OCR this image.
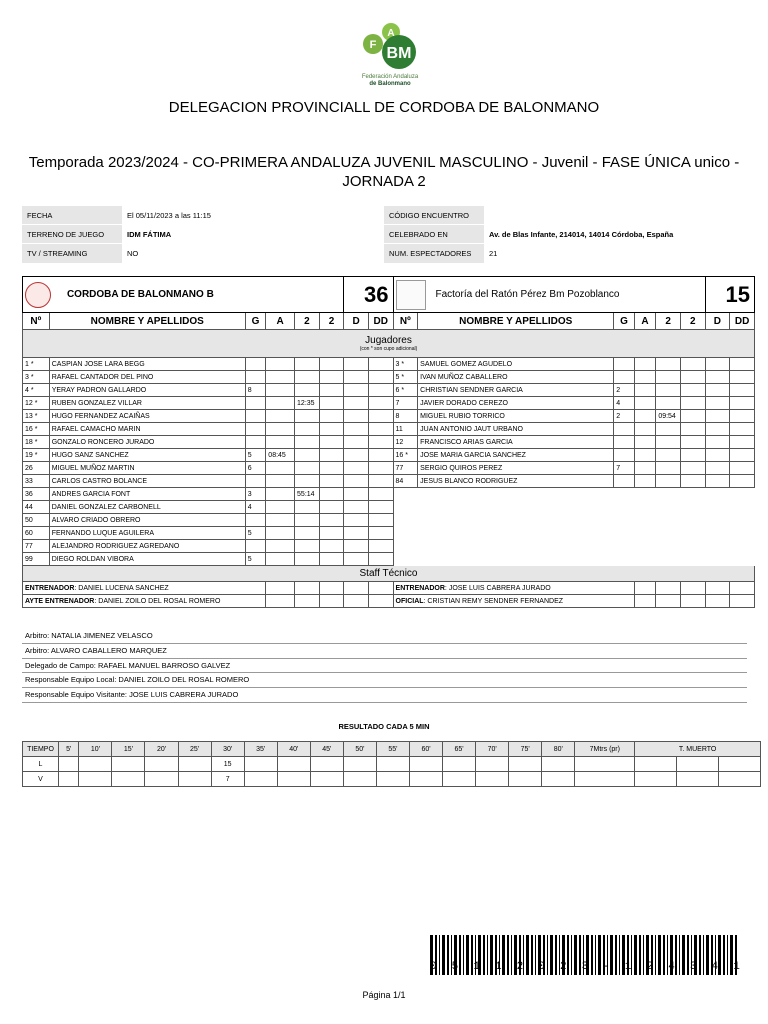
F
A
BM
Federación Andaluza
de Balonmano
DELEGACION PROVINCIALL DE CORDOBA DE BALONMANO
Temporada 2023/2024 - CO-PRIMERA ANDALUZA JUVENIL MASCULINO - Juvenil - FASE ÚNICA unico - JORNADA 2
FECHA	El 05/11/2023 a las 11:15	CÓDIGO ENCUENTRO	
TERRENO DE JUEGO	IDM FÁTIMA	CELEBRADO EN	Av. de Blas Infante, 214014, 14014 Córdoba, España
TV / STREAMING	NO	NUM. ESPECTADORES	21
CORDOBA DE BALONMANO B						36		Factoría del Ratón Pérez Bm Pozoblanco						15	
Nº	NOMBRE Y APELLIDOS	G	A	2	2	D	DD	Nº	NOMBRE Y APELLIDOS	G	A	2	2	D	DD
Jugadores
(con * son cupo adicional)															

1 *	CASPIAN JOSE LARA BEGG							3 *	SAMUEL GOMEZ AGUDELO						
3 *	RAFAEL CANTADOR DEL PINO							5 *	IVAN MUÑOZ CABALLERO						
4 *	YERAY PADRON GALLARDO	8						6 *	CHRISTIAN SENDNER GARCIA	2					
12 *	RUBEN GONZALEZ VILLAR			12:35				7	JAVIER DORADO CEREZO	4					
13 *	HUGO FERNANDEZ ACAIÑAS							8	MIGUEL RUBIO TORRICO	2		09:54			
16 *	RAFAEL CAMACHO MARIN							11	JUAN ANTONIO JAUT URBANO						
18 *	GONZALO RONCERO JURADO							12	FRANCISCO ARIAS GARCIA						
19 *	HUGO SANZ SANCHEZ	5	08:45					16 *	JOSE MARIA GARCIA SANCHEZ						
26	MIGUEL MUÑOZ MARTIN	6						77	SERGIO QUIROS PEREZ	7					
33	CARLOS CASTRO BOLANCE							84	JESUS BLANCO RODRIGUEZ						
36	ANDRES GARCIA FONT	3		55:14											
44	DANIEL GONZALEZ CARBONELL	4													
50	ALVARO CRIADO OBRERO														
60	FERNANDO LUQUE AGUILERA	5													
77	ALEJANDRO RODRIGUEZ AGREDANO														
99	DIEGO ROLDAN VIBORA	5													
Staff Técnico															
ENTRENADOR: DANIEL LUCENA SANCHEZ								ENTRENADOR: JOSE LUIS CABRERA JURADO							
AYTE ENTRENADOR: DANIEL ZOILO DEL ROSAL ROMERO								OFICIAL: CRISTIAN REMY SENDNER FERNANDEZ							
Arbitro: NATALIA JIMENEZ VELASCO
Arbitro: ALVARO CABALLERO MARQUEZ
Delegado de Campo: RAFAEL MANUEL BARROSO GALVEZ
Responsable Equipo Local: DANIEL ZOILO DEL ROSAL ROMERO
Responsable Equipo Visitante: JOSE LUIS CABRERA JURADO
RESULTADO CADA 5 MIN
TIEMPO	5'	10'	15'	20'	25'	30'	35'	40'	45'	50'	55'	60'	65'	70'	75'	80'	7Mtrs (pr)	T. MUERTO		
L						15														
V						7														
0 5 1 1 2 0 2 3 - 1 2 4 3 4 1
Página 1/1
